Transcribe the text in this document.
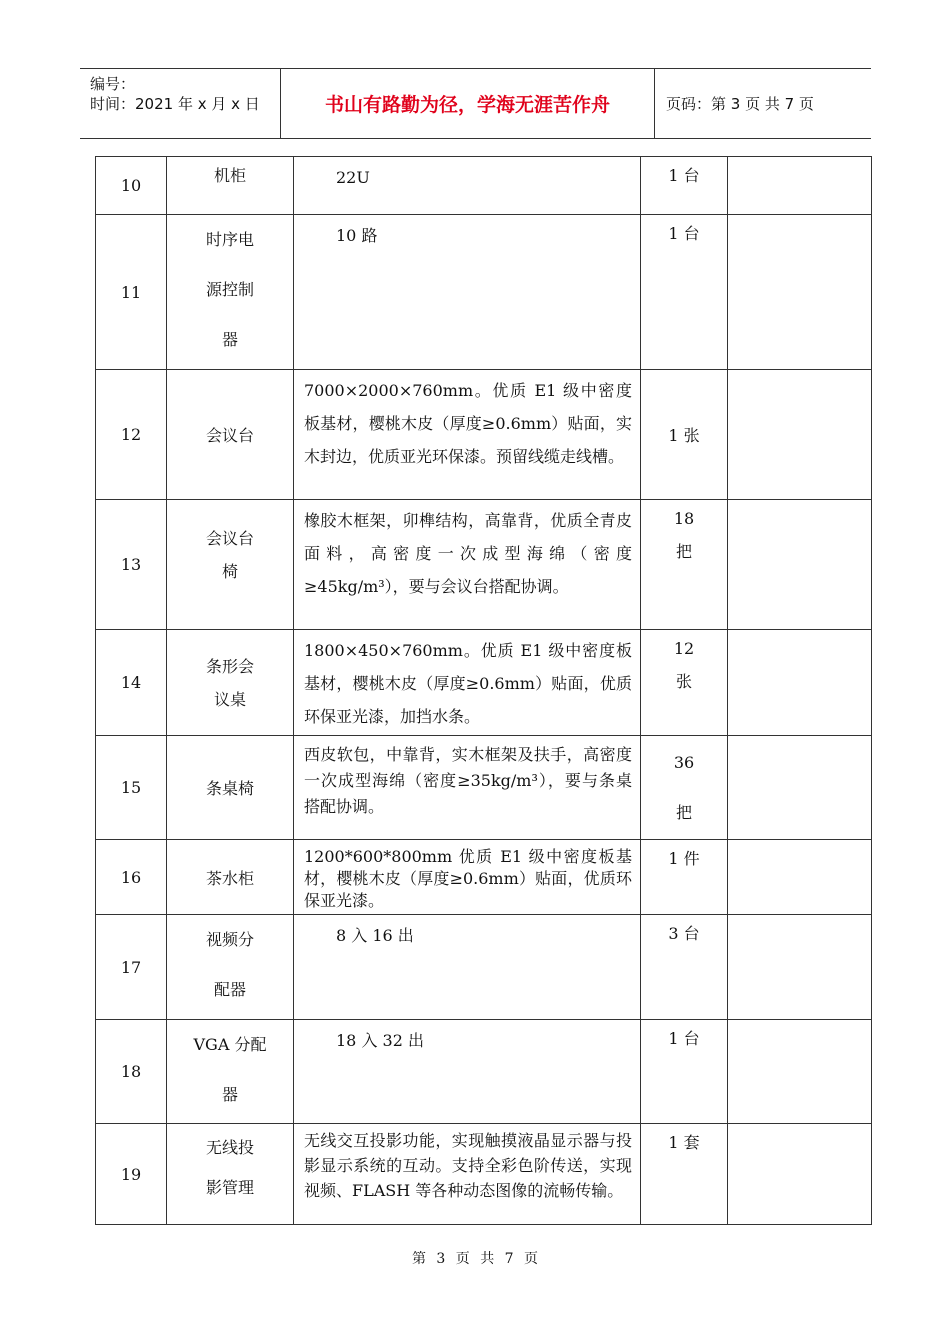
编号：
时间：2021 年 x 月 x 日	书山有路勤为径，学海无涯苦作舟	页码：第 3 页 共 7 页
10	机柜	22U	1 台	
11	时序电
源控制
器	10 路	1 台	
12	会议台	7000×2000×760mm。优质 E1 级中密度板基材，樱桃木皮（厚度≥0.6mm）贴面，实木封边，优质亚光环保漆。预留线缆走线槽。	1 张	
13	会议台
椅	橡胶木框架，卯榫结构，高靠背，优质全青皮面料，高密度一次成型海绵（密度≥45kg/m³），要与会议台搭配协调。	18
把	
14	条形会
议桌	1800×450×760mm。优质 E1 级中密度板基材，樱桃木皮（厚度≥0.6mm）贴面，优质环保亚光漆，加挡水条。	12
张	
15	条桌椅	西皮软包，中靠背，实木框架及扶手，高密度一次成型海绵（密度≥35kg/m³），要与条桌搭配协调。	36
把	
16	茶水柜	1200*600*800mm 优质 E1 级中密度板基材，樱桃木皮（厚度≥0.6mm）贴面，优质环保亚光漆。	1 件	
17	视频分
配器	8 入 16 出	3 台	
18	VGA 分配
器	18 入 32 出	1 台	
19	无线投
影管理	无线交互投影功能，实现触摸液晶显示器与投影显示系统的互动。支持全彩色阶传送，实现视频、FLASH 等各种动态图像的流畅传输。	1 套	
第 3 页 共 7 页
